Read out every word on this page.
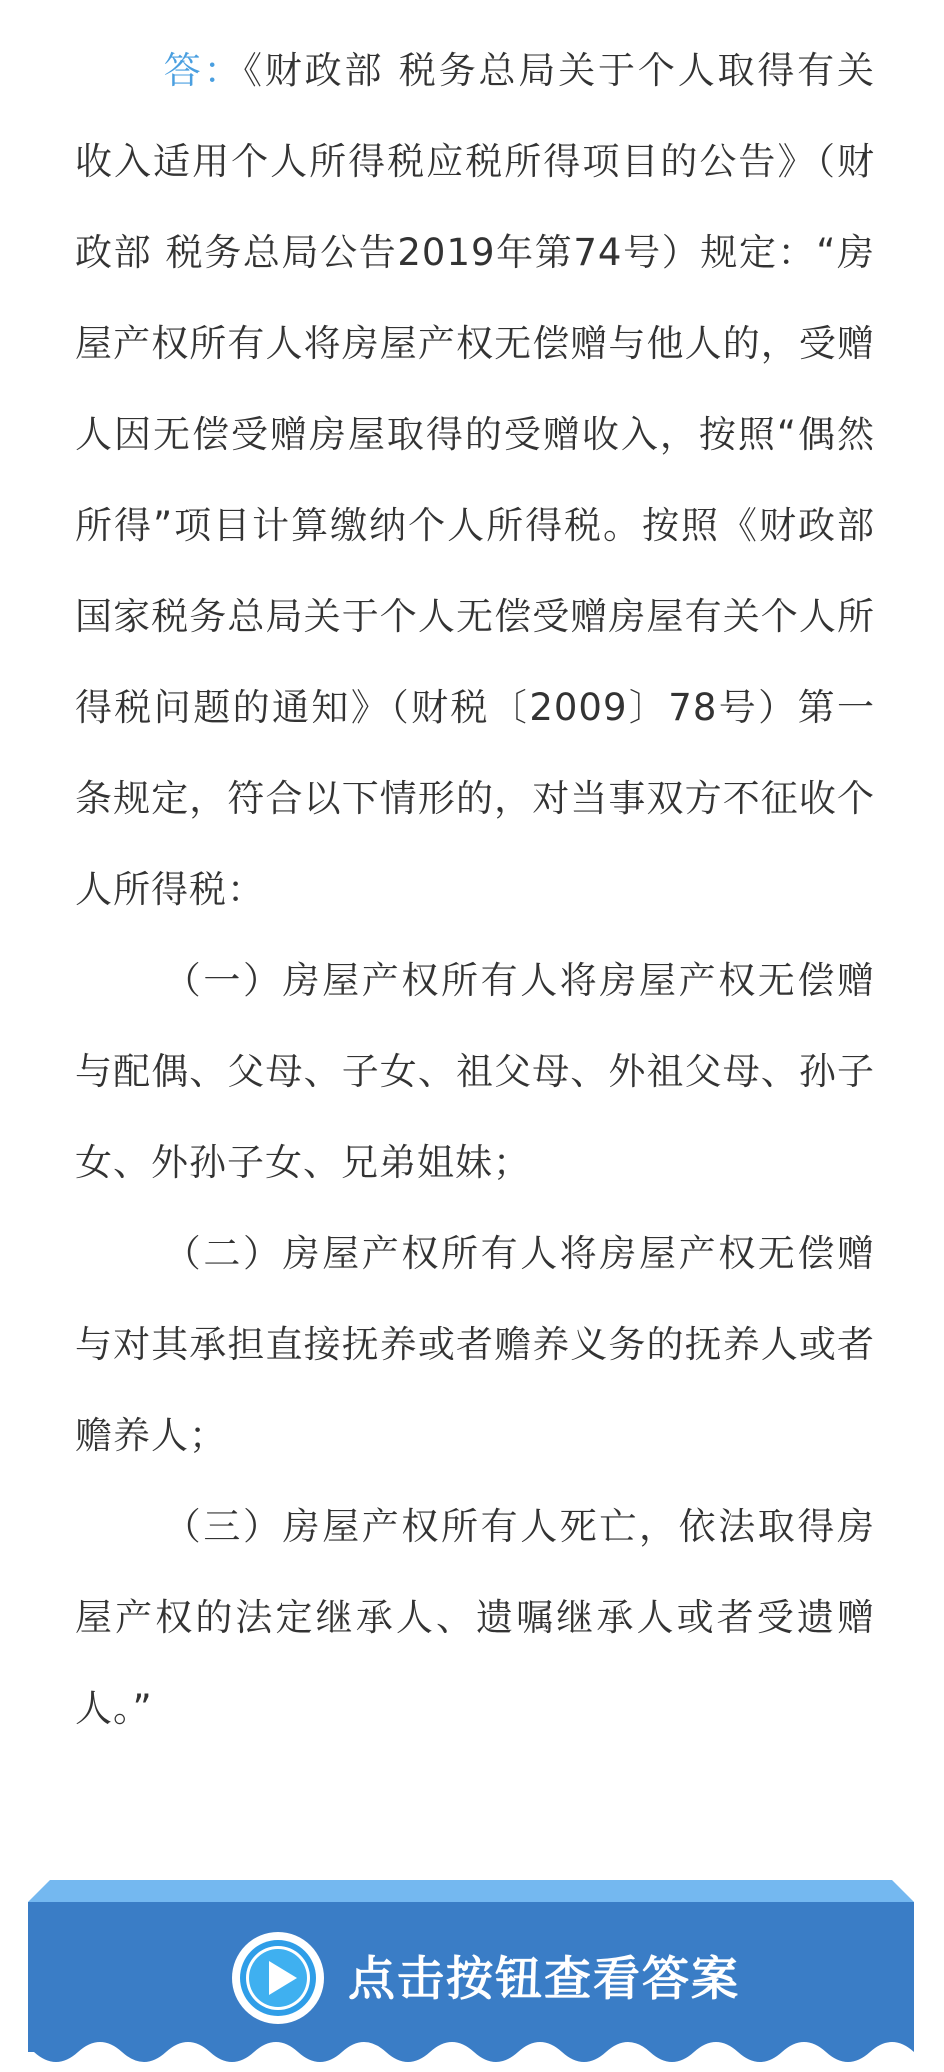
答：《财政部 税务总局关于个人取得有关收入适用个人所得税应税所得项目的公告》（财政部 税务总局公告2019年第74号）规定：“房屋产权所有人将房屋产权无偿赠与他人的，受赠人因无偿受赠房屋取得的受赠收入，按照“偶然所得”项目计算缴纳个人所得税。按照《财政部 国家税务总局关于个人无偿受赠房屋有关个人所得税问题的通知》（财税〔2009〕78号）第一条规定，符合以下情形的，对当事双方不征收个人所得税：

（一）房屋产权所有人将房屋产权无偿赠与配偶、父母、子女、祖父母、外祖父母、孙子女、外孙子女、兄弟姐妹；

（二）房屋产权所有人将房屋产权无偿赠与对其承担直接抚养或者赡养义务的抚养人或者赡养人；

（三）房屋产权所有人死亡，依法取得房屋产权的法定继承人、遗嘱继承人或者受遗赠人。”

点击按钮查看答案
